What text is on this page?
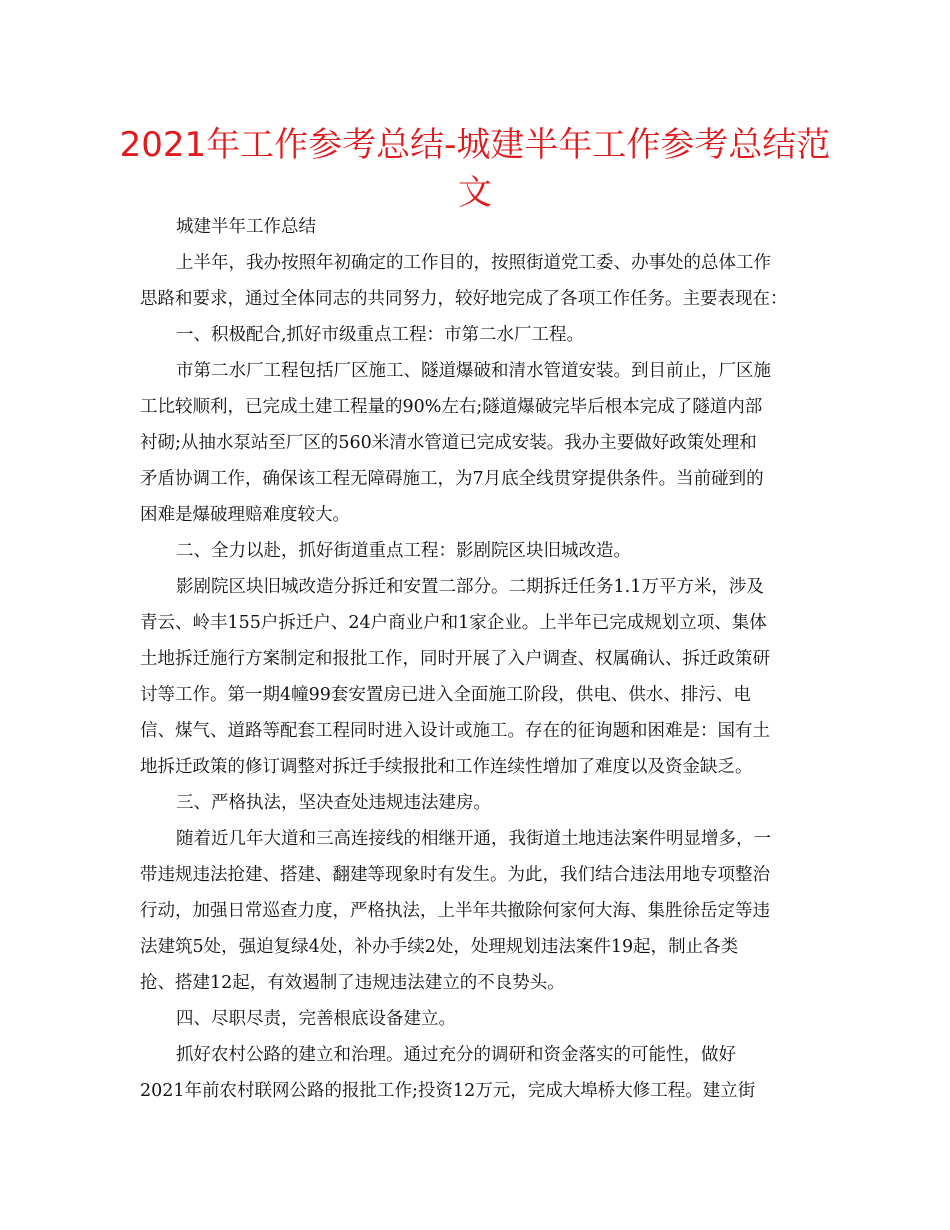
2021年工作参考总结-城建半年工作参考总结范
文
城建半年工作总结
上半年，我办按照年初确定的工作目的，按照街道党工委、办事处的总体工作
思路和要求，通过全体同志的共同努力，较好地完成了各项工作任务。主要表现在：
一、积极配合,抓好市级重点工程：市第二水厂工程。
市第二水厂工程包括厂区施工、隧道爆破和清水管道安装。到目前止，厂区施
工比较顺利，已完成土建工程量的90%左右;隧道爆破完毕后根本完成了隧道内部
衬砌;从抽水泵站至厂区的560米清水管道已完成安装。我办主要做好政策处理和
矛盾协调工作，确保该工程无障碍施工，为7月底全线贯穿提供条件。当前碰到的
困难是爆破理赔难度较大。
二、全力以赴，抓好街道重点工程：影剧院区块旧城改造。
影剧院区块旧城改造分拆迁和安置二部分。二期拆迁任务1.1万平方米，涉及
青云、岭丰155户拆迁户、24户商业户和1家企业。上半年已完成规划立项、集体
土地拆迁施行方案制定和报批工作，同时开展了入户调查、权属确认、拆迁政策研
讨等工作。第一期4幢99套安置房已进入全面施工阶段，供电、供水、排污、电
信、煤气、道路等配套工程同时进入设计或施工。存在的征询题和困难是：国有土
地拆迁政策的修订调整对拆迁手续报批和工作连续性增加了难度以及资金缺乏。
三、严格执法，坚决查处违规违法建房。
随着近几年大道和三高连接线的相继开通，我街道土地违法案件明显增多，一
带违规违法抢建、搭建、翻建等现象时有发生。为此，我们结合违法用地专项整治
行动，加强日常巡查力度，严格执法，上半年共撤除何家何大海、集胜徐岳定等违
法建筑5处，强迫复绿4处，补办手续2处，处理规划违法案件19起，制止各类
抢、搭建12起，有效遏制了违规违法建立的不良势头。
四、尽职尽责，完善根底设备建立。
抓好农村公路的建立和治理。通过充分的调研和资金落实的可能性，做好
2021年前农村联网公路的报批工作;投资12万元，完成大埠桥大修工程。建立街
